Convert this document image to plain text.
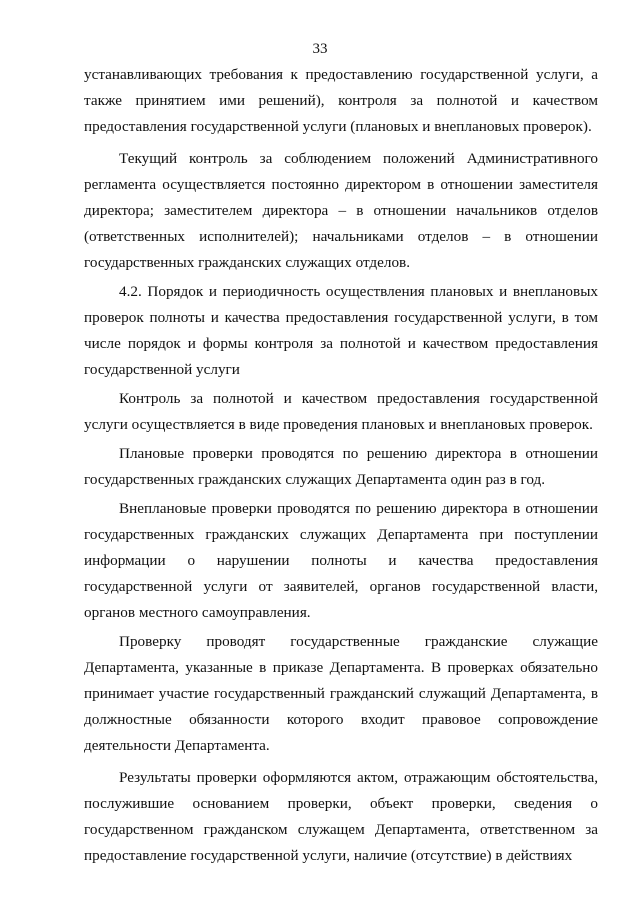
33

устанавливающих требования к предоставлению государственной услуги, а также принятием ими решений), контроля за полнотой и качеством предоставления государственной услуги (плановых и внеплановых проверок).

Текущий контроль за соблюдением положений Административного регламента осуществляется постоянно директором в отношении заместителя директора; заместителем директора – в отношении начальников отделов (ответственных исполнителей); начальниками отделов – в отношении государственных гражданских служащих отделов.

4.2. Порядок и периодичность осуществления плановых и внеплановых проверок полноты и качества предоставления государственной услуги, в том числе порядок и формы контроля за полнотой и качеством предоставления государственной услуги

Контроль за полнотой и качеством предоставления государственной услуги осуществляется в виде проведения плановых и внеплановых проверок.

Плановые проверки проводятся по решению директора в отношении государственных гражданских служащих Департамента один раз в год.

Внеплановые проверки проводятся по решению директора в отношении государственных гражданских служащих Департамента при поступлении информации о нарушении полноты и качества предоставления государственной услуги от заявителей, органов государственной власти, органов местного самоуправления.

Проверку проводят государственные гражданские служащие Департамента, указанные в приказе Департамента. В проверках обязательно принимает участие государственный гражданский служащий Департамента, в должностные обязанности которого входит правовое сопровождение деятельности Департамента.

Результаты проверки оформляются актом, отражающим обстоятельства, послужившие основанием проверки, объект проверки, сведения о государственном гражданском служащем Департамента, ответственном за предоставление государственной услуги, наличие (отсутствие) в действиях
